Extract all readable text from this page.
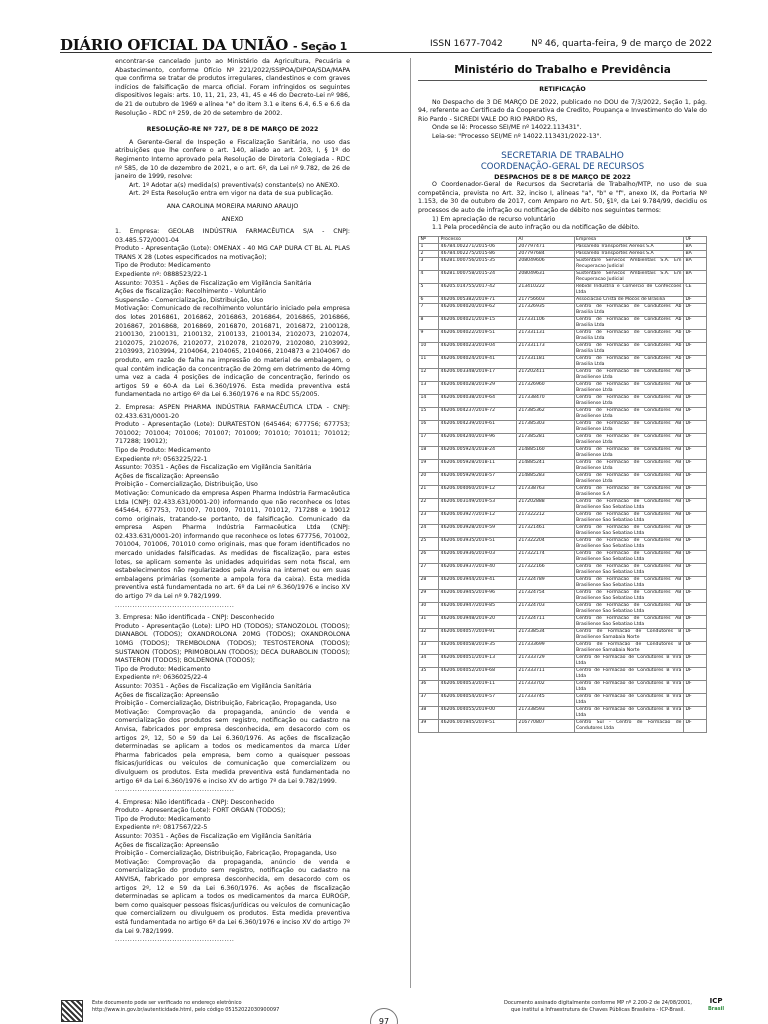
DIÁRIO OFICIAL DA UNIÃO - Seção 1	ISSN 1677-7042	Nº 46, quarta-feira, 9 de março de 2022

encontrar-se cancelado junto ao Ministério da Agricultura, Pecuária e Abastecimento, conforme Ofício Nº 221/2022/SSIPOA/DIPOA/SDA/MAPA que confirma se tratar de produtos irregulares, clandestinos e com graves indícios de falsificação de marca oficial. Foram infringidos os seguintes dispositivos legais: arts. 10, 11, 21, 23, 41, 45 e 46 do Decreto-Lei nº 986, de 21 de outubro de 1969 e alínea "e" do item 3.1 e itens 6.4, 6.5 e 6.6 da Resolução - RDC nº 259, de 20 de setembro de 2002.

RESOLUÇÃO-RE Nº 727, DE 8 DE MARÇO DE 2022

A Gerente-Geral de Inspeção e Fiscalização Sanitária, no uso das atribuições que lhe confere o art. 140, aliado ao art. 203, I, § 1º do Regimento Interno aprovado pela Resolução de Diretoria Colegiada - RDC nº 585, de 10 de dezembro de 2021, e o art. 6º, da Lei nº 9.782, de 26 de janeiro de 1999, resolve:

Art. 1º Adotar a(s) medida(s) preventiva(s) constante(s) no ANEXO.

Art. 2º Esta Resolução entra em vigor na data de sua publicação.

ANA CAROLINA MOREIRA MARINO ARAUJO

ANEXO

1. Empresa: GEOLAB INDÚSTRIA FARMACÊUTICA S/A - CNPJ: 03.485.572/0001-04

Produto - Apresentação (Lote): OMENAX - 40 MG CAP DURA CT BL AL PLAS TRANS X 28 (Lotes especificados na motivação);

Tipo de Produto: Medicamento

Expediente nº: 0888523/22-1

Assunto: 70351 - Ações de Fiscalização em Vigilância Sanitária

Ações de fiscalização: Recolhimento - Voluntário

Suspensão - Comercialização, Distribuição, Uso

Motivação: Comunicado de recolhimento voluntário iniciado pela empresa dos lotes 2016861, 2016862, 2016863, 2016864, 2016865, 2016866, 2016867, 2016868, 2016869, 2016870, 2016871, 2016872, 2100128, 2100130, 2100131, 2100132, 2100133, 2100134, 2102073, 2102074, 2102075, 2102076, 2102077, 2102078, 2102079, 2102080, 2103992, 2103993, 2103994, 2104064, 2104065, 2104066, 2104873 e 2104067 do produto, em razão de falha na impressão do material de embalagem, o qual contém indicação da concentração de 20mg em detrimento de 40mg uma vez a cada 4 posições de indicação de concentração, ferindo os artigos 59 e 60-A da Lei 6.360/1976. Esta medida preventiva está fundamentada no artigo 6º da Lei 6.360/1976 e na RDC 55/2005.

2. Empresa: ASPEN PHARMA INDÚSTRIA FARMACÊUTICA LTDA - CNPJ: 02.433.631/0001-20

Produto - Apresentação (Lote): DURATESTON (645464; 677756; 677753; 701002; 701004; 701006; 701007; 701009; 701010; 701011; 701012; 717288; 19012);

Tipo de Produto: Medicamento

Expediente nº: 0563225/22-1

Assunto: 70351 - Ações de Fiscalização em Vigilância Sanitária

Ações de fiscalização: Apreensão

Proibição - Comercialização, Distribuição, Uso

Motivação: Comunicado da empresa Aspen Pharma Indústria Farmacêutica Ltda (CNPJ: 02.433.631/0001-20) informando que não reconhece os lotes 645464, 677753, 701007, 701009, 701011, 701012, 717288 e 19012 como originais, tratando-se portanto, de falsificação. Comunicado da empresa Aspen Pharma Indústria Farmacêutica Ltda (CNPJ: 02.433.631/0001-20) informando que reconhece os lotes 677756, 701002, 701004, 701006, 701010 como originais, mas que foram identificados no mercado unidades falsificadas. As medidas de fiscalização, para estes lotes, se aplicam somente às unidades adquiridas sem nota fiscal, em estabelecimentos não regularizados pela Anvisa na internet ou em suas embalagens primárias (somente a ampola fora da caixa). Esta medida preventiva está fundamentada no art. 6º da Lei nº 6.360/1976 e inciso XV do artigo 7º da Lei nº 9.782/1999.

................................................

3. Empresa: Não identificada - CNPJ: Desconhecido

Produto - Apresentação (Lote): LIPO HD (TODOS); STANOZOLOL (TODOS); DIANABOL (TODOS); OXANDROLONA 20MG (TODOS); OXANDROLONA 10MG (TODOS); TREMBOLONA (TODOS); TESTOSTERONA (TODOS); SUSTANON (TODOS); PRIMOBOLAN (TODOS); DECA DURABOLIN (TODOS); MASTERON (TODOS); BOLDENONA (TODOS);

Tipo de Produto: Medicamento

Expediente nº: 0636025/22-4

Assunto: 70351 - Ações de Fiscalização em Vigilância Sanitária

Ações de fiscalização: Apreensão

Proibição - Comercialização, Distribuição, Fabricação, Propaganda, Uso

Motivação: Comprovação da propaganda, anúncio de venda e comercialização dos produtos sem registro, notificação ou cadastro na Anvisa, fabricados por empresa desconhecida, em desacordo com os artigos 2º, 12, 50 e 59 da Lei 6.360/1976. As ações de fiscalização determinadas se aplicam a todos os medicamentos da marca Líder Pharma fabricados pela empresa, bem como a quaisquer pessoas físicas/jurídicas ou veículos de comunicação que comercializem ou divulguem os produtos. Esta medida preventiva está fundamentada no artigo 6º da Lei 6.360/1976 e inciso XV do artigo 7º da Lei 9.782/1999.

................................................

4. Empresa: Não identificada - CNPJ: Desconhecido

Produto - Apresentação (Lote): FORT ORGAN (TODOS);

Tipo de Produto: Medicamento

Expediente nº: 0817567/22-5

Assunto: 70351 - Ações de Fiscalização em Vigilância Sanitária

Ações de fiscalização: Apreensão

Proibição - Comercialização, Distribuição, Fabricação, Propaganda, Uso

Motivação: Comprovação da propaganda, anúncio de venda e comercialização do produto sem registro, notificação ou cadastro na ANVISA, fabricado por empresa desconhecida, em desacordo com os artigos 2º, 12 e 59 da Lei 6.360/1976. As ações de fiscalização determinadas se aplicam a todos os medicamentos da marca EUROGP, bem como quaisquer pessoas físicas/jurídicas ou veículos de comunicação que comercializem ou divulguem os produtos. Esta medida preventiva está fundamentada no artigo 6º da Lei 6.360/1976 e inciso XV do artigo 7º da Lei 9.782/1999.

................................................

Ministério do Trabalho e Previdência

RETIFICAÇÃO

No Despacho de 3 DE MARÇO DE 2022, publicado no DOU de 7/3/2022, Seção 1, pág. 94, referente ao Certificado da Cooperativa de Credito, Poupança e Investimento do Vale do Rio Pardo - SICREDI VALE DO RIO PARDO RS,

Onde se lê: Processo SEI/ME nº 14022.113431".

Leia-se: "Processo SEI/ME nº 14022.113431/2022-13".

SECRETARIA DE TRABALHO

COORDENAÇÃO-GERAL DE RECURSOS

DESPACHOS DE 8 DE MARÇO DE 2022

O Coordenador-Geral de Recursos da Secretaria de Trabalho/MTP, no uso de sua competência, prevista no Art. 32, inciso I, alíneas "a", "b" e "f", anexo IX, da Portaria Nº 1.153, de 30 de outubro de 2017, com Amparo no Art. 50, §1º, da Lei 9.784/99, decidiu os processos de auto de infração ou notificação de débito nos seguintes termos:

1) Em apreciação de recurso voluntário

1.1 Pela procedência de auto infração ou da notificação de débito.

Nº	Processo	AI	Empresa	UF
1	46784.002271/2015-06	207797471	Passaredo Transportes Aereos S.A	BA
2	46784.002275/2015-86	207797684	Passaredo Transportes Aereos S.A	BA
3	46281.000756/2015-35	208049606	Sustentare Servicos Ambientais S.A. Em Recuperacao Judicial	BA
4	46281.000758/2015-24	208049631	Sustentare Servicos Ambientais S.A. Em Recuperacao Judicial	BA
5	46205.014755/2017-42	213410222	Rebidil Industria e Comercio de Confeccoes Ltda	CE
6	46206.005382/2019-71	217756603	Associacao Crista de Mocos de Brasilia	DF
7	46206.004020/2019-62	217326935	Centro de Formacao de Condutores Ab Brasilia Ltda	DF
8	46206.004021/2019-15	217331106	Centro de Formacao de Condutores Ab Brasilia Ltda	DF
9	46206.004022/2019-51	217331131	Centro de Formacao de Condutores Ab Brasilia Ltda	DF
10	46206.004023/2019-04	217331173	Centro de Formacao de Condutores Ab Brasilia Ltda	DF
11	46206.004024/2019-41	217331181	Centro de Formacao de Condutores Ab Brasilia Ltda	DF
12	46206.003348/2019-17	217202411	Centro de Formacao de Condutores AB Brasiliense Ltda	DF
13	46206.004028/2019-29	217326960	Centro de Formacao de Condutores AB Brasiliense Ltda	DF
14	46206.004038/2019-64	217338470	Centro de Formacao de Condutores AB Brasiliense Ltda	DF
15	46206.004237/2019-72	217385362	Centro de Formacao de Condutores AB Brasiliense Ltda	DF
16	46206.004239/2019-61	217385303	Centro de Formacao de Condutores AB Brasiliense Ltda	DF
17	46206.004240/2019-96	217385281	Centro de Formacao de Condutores AB Brasiliense Ltda	DF
18	46206.005924/2018-24	214885160	Centro de Formacao de Condutores AB Brasiliense Ltda	DF
19	46206.005928/2018-11	214885241	Centro de Formacao de Condutores AB Brasiliense Ltda	DF
20	46206.005929/2018-57	214885283	Centro de Formacao de Condutores AB Brasiliense Ltda	DF
21	46206.004060/2019-12	217338763	Centro de Formacao de Condutores AB Brasiliense S.A	DF
22	46206.003149/2019-53	217202888	Centro de Formacao de Condutores AB Brasiliense Sao Sebatiao Ltda	DF
23	46206.003927/2019-12	217322212	Centro de Formacao de Condutores AB Brasiliense Sao Sebatiao Ltda	DF
24	46206.003928/2019-59	217321461	Centro de Formacao de Condutores AB Brasiliense Sao Sebatiao Ltda	DF
25	46206.003935/2019-51	217322204	Centro de Formacao de Condutores AB Brasiliense Sao Sebatiao Ltda	DF
26	46206.003936/2019-03	217322174	Centro de Formacao de Condutores AB Brasiliense Sao Sebatiao Ltda	DF
27	46206.003937/2019-40	217322166	Centro de Formacao de Condutores AB Brasiliense Sao Sebatiao Ltda	DF
28	46206.003944/2019-41	217324789	Centro de Formacao de Condutores AB Brasiliense Sao Sebatiao Ltda	DF
29	46206.003945/2019-96	217324754	Centro de Formacao de Condutores AB Brasiliense Sao Sebatiao Ltda	DF
30	46206.003947/2019-85	217324703	Centro de Formacao de Condutores AB Brasiliense Sao Sebatiao Ltda	DF
31	46206.003948/2019-20	217324711	Centro de Formacao de Condutores AB Brasiliense Sao Sebatiao Ltda	DF
32	46206.004057/2019-91	217338534	Centro de Formacao de Condutores B Brasiliense Samabaia Norte	DF
33	46206.004058/2019-35	217333699	Centro de Formacao de Condutores B Brasiliense Samabaia Norte	DF
34	46206.004051/2019-13	217333729	Centro de Formacao de Condutores B Vira Ltda	DF
35	46206.004052/2019-68	217333711	Centro de Formacao de Condutores B Vira Ltda	DF
36	46206.004053/2019-11	217333702	Centro de Formacao de Condutores B Vira Ltda	DF
37	46206.004054/2019-57	217333745	Centro de Formacao de Condutores B Vira Ltda	DF
38	46206.004055/2019-00	217338593	Centro de Formacao de Condutores B Vira Ltda	DF
39	46206.001945/2019-51	216770807	Centro Sul - Centro de Formacao de Condutores Ltda	DF

Este documento pode ser verificado no endereço eletrônico

http://www.in.gov.br/autenticidade.html, pelo código 05152022030900097

97

Documento assinado digitalmente conforme MP nº 2.200-2 de 24/08/2001,

que institui a Infraestrutura de Chaves Públicas Brasileira - ICP-Brasil.

ICP
Brasil
